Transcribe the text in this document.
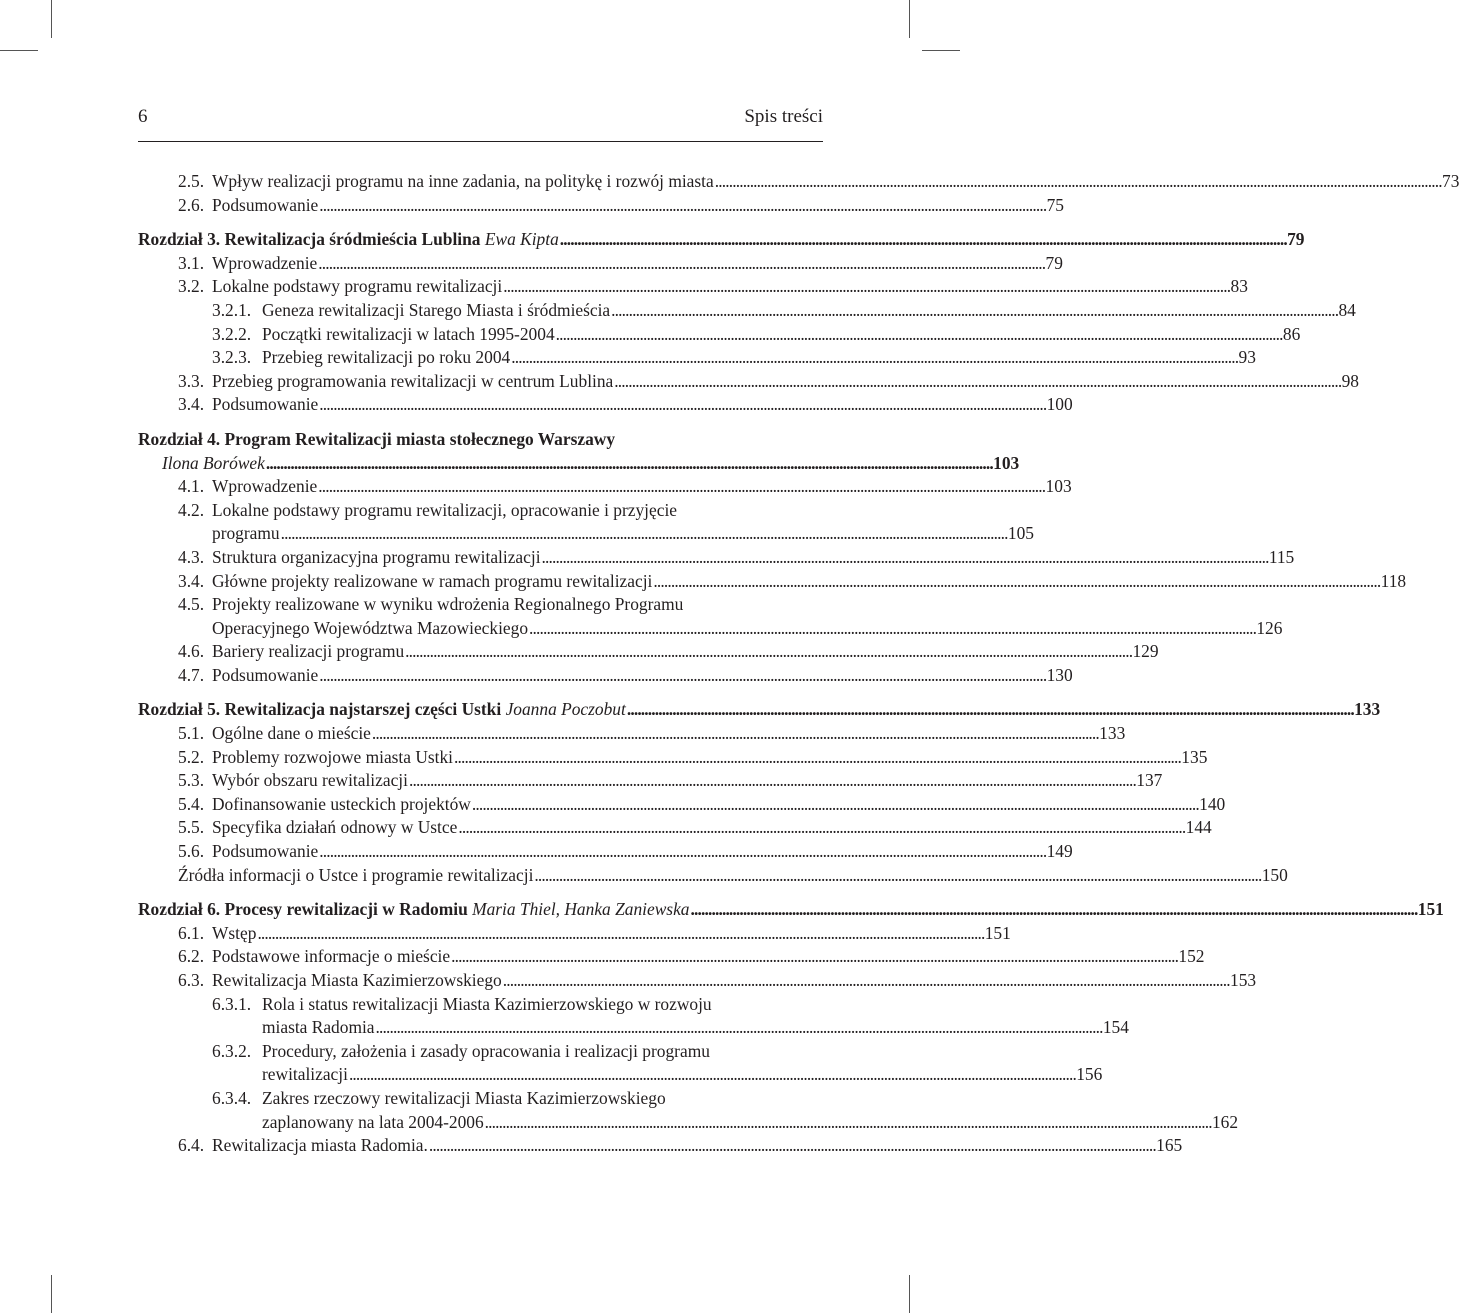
6	Spis treści
2.5. Wpływ realizacji programu na inne zadania, na politykę i rozwój miasta . . .	73
2.6. Podsumowanie . . .	75
Rozdział 3. Rewitalizacja śródmieścia Lublina Ewa Kipta . . .	79
3.1. Wprowadzenie . . .	79
3.2. Lokalne podstawy programu rewitalizacji . . .	83
3.2.1. Geneza rewitalizacji Starego Miasta i śródmieścia . . .	84
3.2.2. Początki rewitalizacji w latach 1995-2004 . . .	86
3.2.3. Przebieg rewitalizacji po roku 2004 . . .	93
3.3. Przebieg programowania rewitalizacji w centrum Lublina . . .	98
3.4. Podsumowanie . . .	100
Rozdział 4. Program Rewitalizacji miasta stołecznego Warszawy
Ilona Borówek . . .	103
4.1. Wprowadzenie . . .	103
4.2. Lokalne podstawy programu rewitalizacji, opracowanie i przyjęcie
programu . . .	105
4.3. Struktura organizacyjna programu rewitalizacji . . .	115
3.4. Główne projekty realizowane w ramach programu rewitalizacji . . .	118
4.5. Projekty realizowane w wyniku wdrożenia Regionalnego Programu
Operacyjnego Województwa Mazowieckiego . . .	126
4.6. Bariery realizacji programu . . .	129
4.7. Podsumowanie . . .	130
Rozdział 5. Rewitalizacja najstarszej części Ustki Joanna Poczobut . . .	133
5.1. Ogólne dane o mieście . . .	133
5.2. Problemy rozwojowe miasta Ustki . . .	135
5.3. Wybór obszaru rewitalizacji . . .	137
5.4. Dofinansowanie usteckich projektów . . .	140
5.5. Specyfika działań odnowy w Ustce . . .	144
5.6. Podsumowanie . . .	149
Źródła informacji o Ustce i programie rewitalizacji . . .	150
Rozdział 6. Procesy rewitalizacji w Radomiu Maria Thiel, Hanka Zaniewska . . .	151
6.1. Wstęp . . .	151
6.2. Podstawowe informacje o mieście . . .	152
6.3. Rewitalizacja Miasta Kazimierzowskiego . . .	153
6.3.1. Rola i status rewitalizacji Miasta Kazimierzowskiego w rozwoju
miasta Radomia . . .	154
6.3.2. Procedury, założenia i zasady opracowania i realizacji programu
rewitalizacji . . .	156
6.3.4. Zakres rzeczowy rewitalizacji Miasta Kazimierzowskiego
zaplanowany na lata 2004-2006 . . .	162
6.4. Rewitalizacja miasta Radomia. . . .	165
